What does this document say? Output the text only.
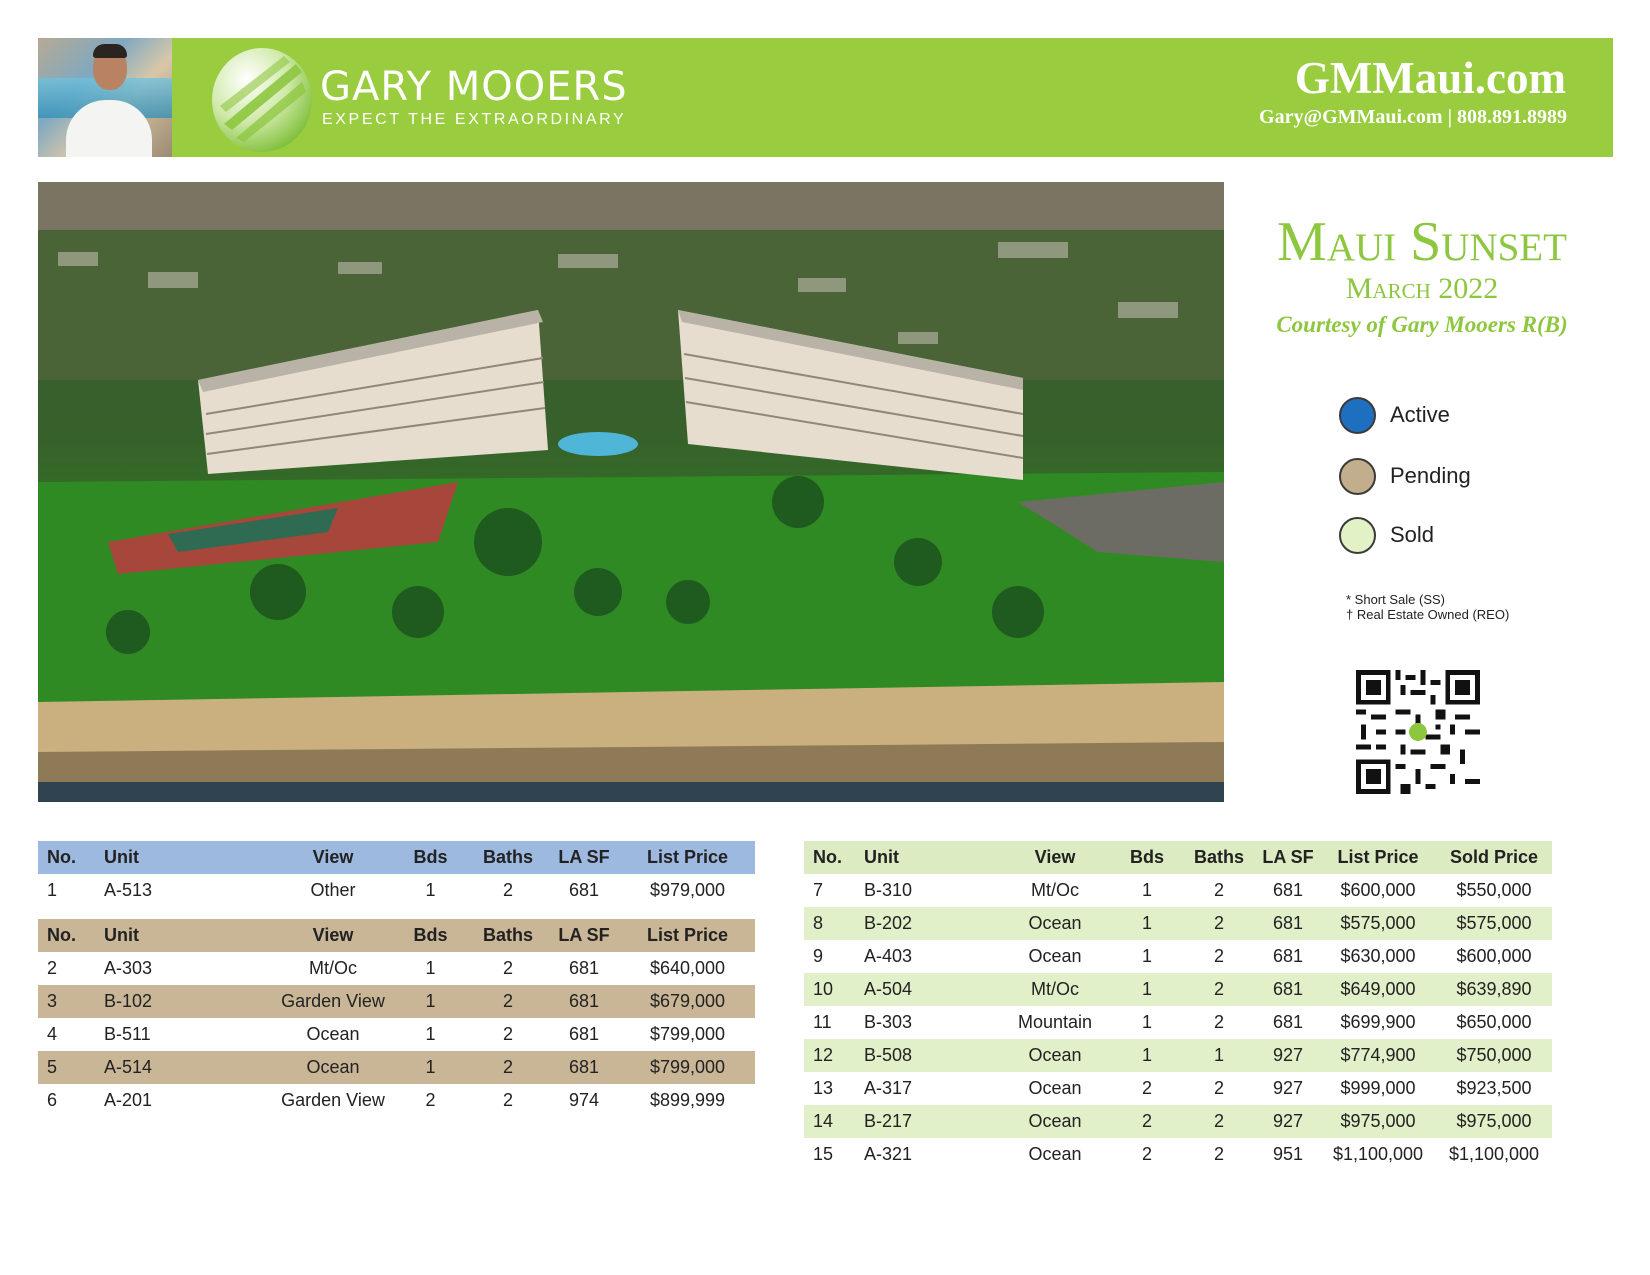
GARY MOOERS
EXPECT THE EXTRAORDINARY
GMMaui.com
Gary@GMMaui.com | 808.891.8989
Maui Sunset
March 2022
Courtesy of Gary Mooers R(B)
Active
Pending
Sold
* Short Sale (SS)
† Real Estate Owned (REO)
No.	Unit	View	Bds	Baths	LA SF	List Price
1	A-513	Other	1	2	681	$979,000
No.	Unit	View	Bds	Baths	LA SF	List Price
2	A-303	Mt/Oc	1	2	681	$640,000
3	B-102	Garden View	1	2	681	$679,000
4	B-511	Ocean	1	2	681	$799,000
5	A-514	Ocean	1	2	681	$799,000
6	A-201	Garden View	2	2	974	$899,999
No.	Unit	View	Bds	Baths	LA SF	List Price	Sold Price
7	B-310	Mt/Oc	1	2	681	$600,000	$550,000
8	B-202	Ocean	1	2	681	$575,000	$575,000
9	A-403	Ocean	1	2	681	$630,000	$600,000
10	A-504	Mt/Oc	1	2	681	$649,000	$639,890
11	B-303	Mountain	1	2	681	$699,900	$650,000
12	B-508	Ocean	1	1	927	$774,900	$750,000
13	A-317	Ocean	2	2	927	$999,000	$923,500
14	B-217	Ocean	2	2	927	$975,000	$975,000
15	A-321	Ocean	2	2	951	$1,100,000	$1,100,000
